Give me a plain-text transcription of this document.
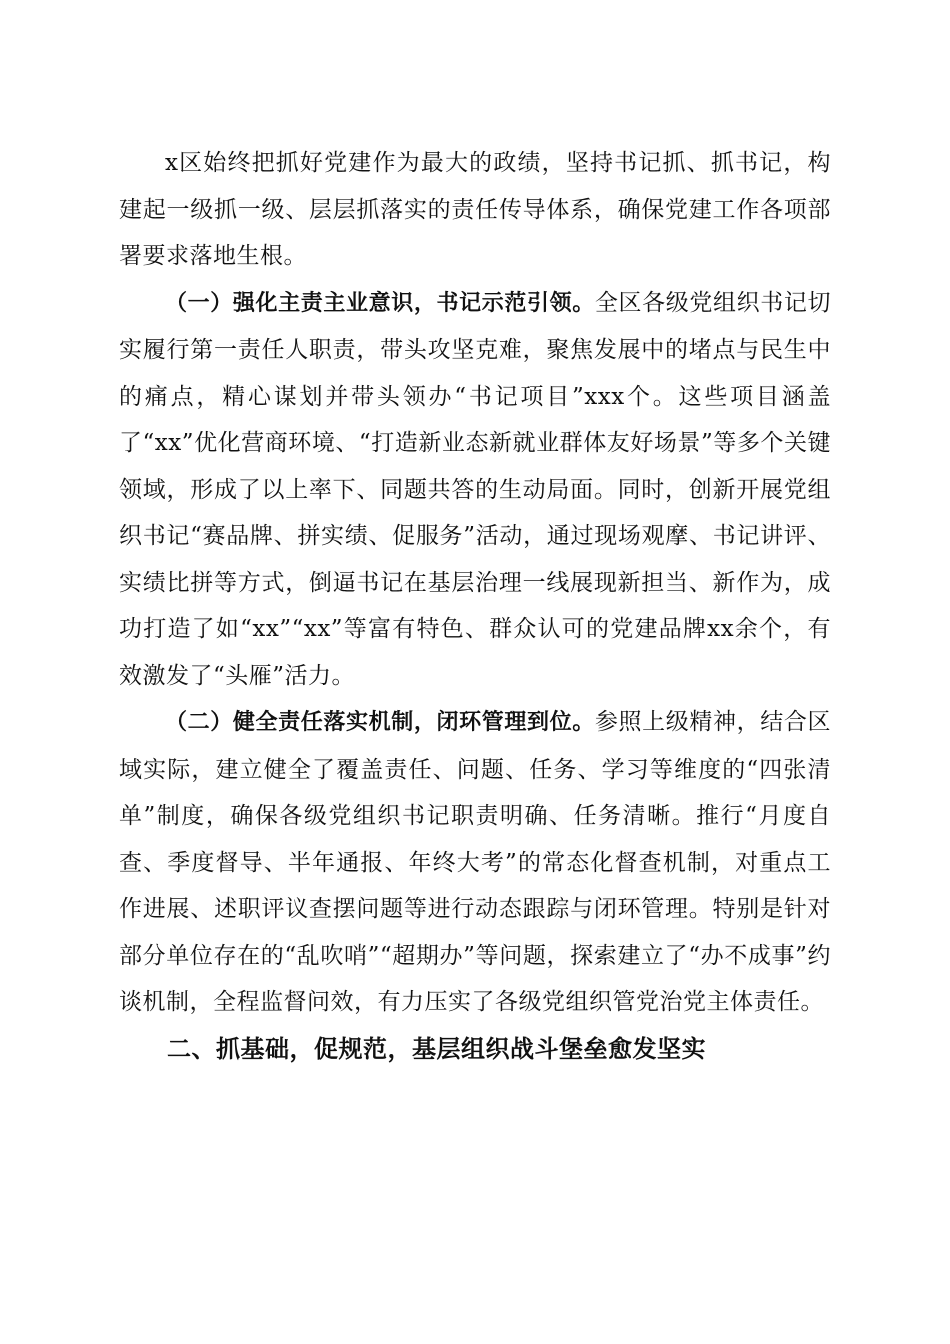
x区始终把抓好党建作为最大的政绩，坚持书记抓、抓书记，构建起一级抓一级、层层抓落实的责任传导体系，确保党建工作各项部署要求落地生根。

（一）强化主责主业意识，书记示范引领。全区各级党组织书记切实履行第一责任人职责，带头攻坚克难，聚焦发展中的堵点与民生中的痛点，精心谋划并带头领办“书记项目”xxx个。这些项目涵盖了“xx”优化营商环境、“打造新业态新就业群体友好场景”等多个关键领域，形成了以上率下、同题共答的生动局面。同时，创新开展党组织书记“赛品牌、拼实绩、促服务”活动，通过现场观摩、书记讲评、实绩比拼等方式，倒逼书记在基层治理一线展现新担当、新作为，成功打造了如“xx”“xx”等富有特色、群众认可的党建品牌xx余个，有效激发了“头雁”活力。

（二）健全责任落实机制，闭环管理到位。参照上级精神，结合区域实际，建立健全了覆盖责任、问题、任务、学习等维度的“四张清单”制度，确保各级党组织书记职责明确、任务清晰。推行“月度自查、季度督导、半年通报、年终大考”的常态化督查机制，对重点工作进展、述职评议查摆问题等进行动态跟踪与闭环管理。特别是针对部分单位存在的“乱吹哨”“超期办”等问题，探索建立了“办不成事”约谈机制，全程监督问效，有力压实了各级党组织管党治党主体责任。

二、抓基础，促规范，基层组织战斗堡垒愈发坚实
